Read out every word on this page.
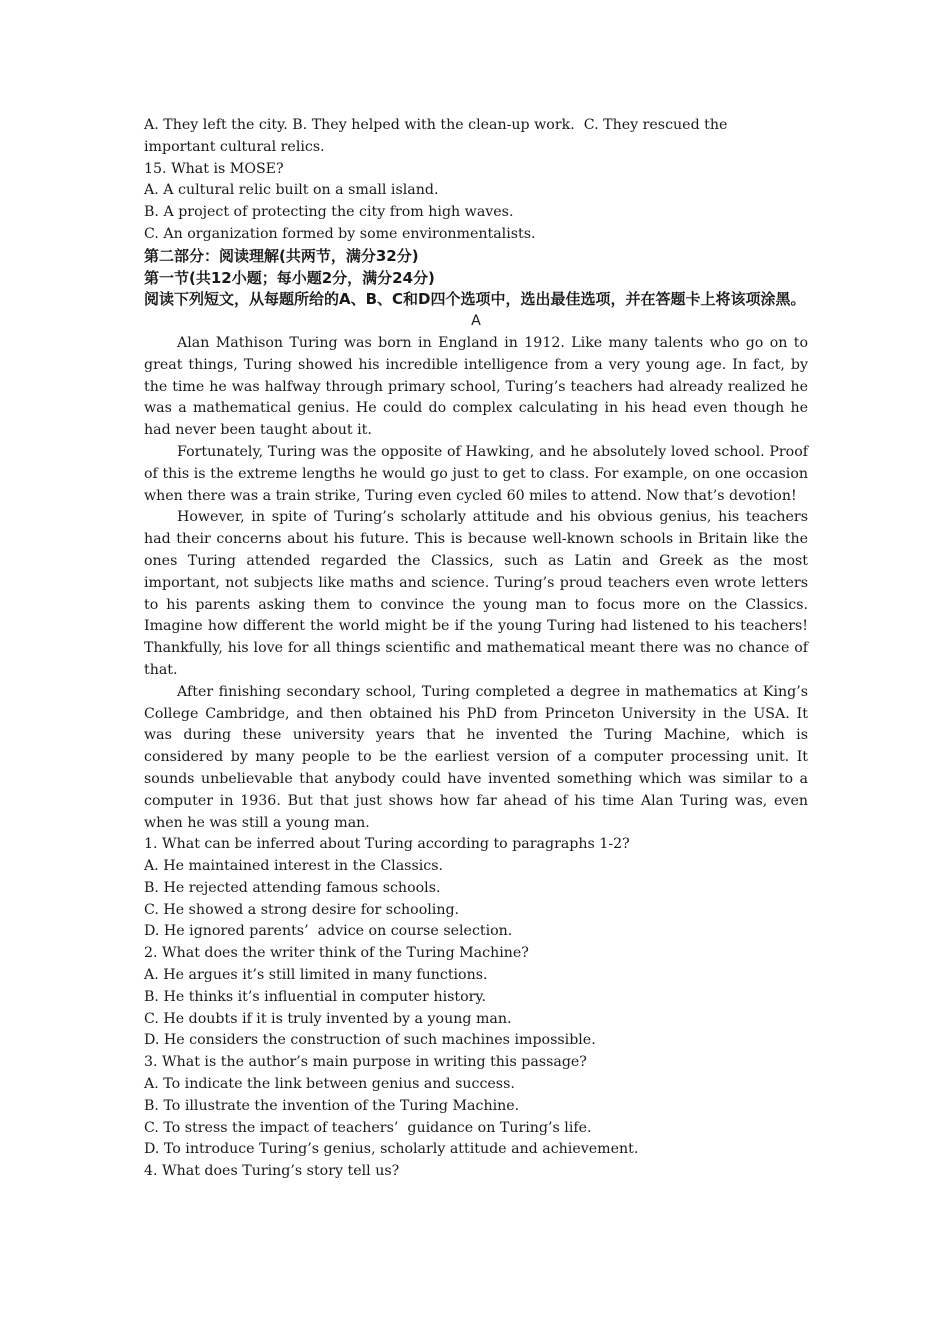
A. They left the city. B. They helped with the clean-up work.  C. They rescued the

important cultural relics.

15. What is MOSE?

A. A cultural relic built on a small island.

B. A project of protecting the city from high waves.

C. An organization formed by some environmentalists.

第二部分：阅读理解(共两节，满分32分)

第一节(共12小题；每小题2分，满分24分)

阅读下列短文，从每题所给的A、B、C和D四个选项中，选出最佳选项，并在答题卡上将该项涂黑。

A

Alan Mathison Turing was born in England in 1912. Like many talents who go on to great things, Turing showed his incredible intelligence from a very young age. In fact, by the time he was halfway through primary school, Turing’s teachers had already realized he was a mathematical genius. He could do complex calculating in his head even though he had never been taught about it.

Fortunately, Turing was the opposite of Hawking, and he absolutely loved school. Proof of this is the extreme lengths he would go just to get to class. For example, on one occasion when there was a train strike, Turing even cycled 60 miles to attend. Now that’s devotion!

However, in spite of Turing’s scholarly attitude and his obvious genius, his teachers had their concerns about his future. This is because well-known schools in Britain like the ones Turing attended regarded the Classics, such as Latin and Greek as the most important, not subjects like maths and science. Turing’s proud teachers even wrote letters to his parents asking them to convince the young man to focus more on the Classics. Imagine how different the world might be if the young Turing had listened to his teachers! Thankfully, his love for all things scientific and mathematical meant there was no chance of that.

After finishing secondary school, Turing completed a degree in mathematics at King’s College Cambridge, and then obtained his PhD from Princeton University in the USA. It was during these university years that he invented the Turing Machine, which is considered by many people to be the earliest version of a computer processing unit. It sounds unbelievable that anybody could have invented something which was similar to a computer in 1936. But that just shows how far ahead of his time Alan Turing was, even when he was still a young man.

1. What can be inferred about Turing according to paragraphs 1-2?

A. He maintained interest in the Classics.

B. He rejected attending famous schools.

C. He showed a strong desire for schooling.

D. He ignored parents’  advice on course selection.

2. What does the writer think of the Turing Machine?

A. He argues it’s still limited in many functions.

B. He thinks it’s influential in computer history.

C. He doubts if it is truly invented by a young man.

D. He considers the construction of such machines impossible.

3. What is the author’s main purpose in writing this passage?

A. To indicate the link between genius and success.

B. To illustrate the invention of the Turing Machine.

C. To stress the impact of teachers’  guidance on Turing’s life.

D. To introduce Turing’s genius, scholarly attitude and achievement.

4. What does Turing’s story tell us?
